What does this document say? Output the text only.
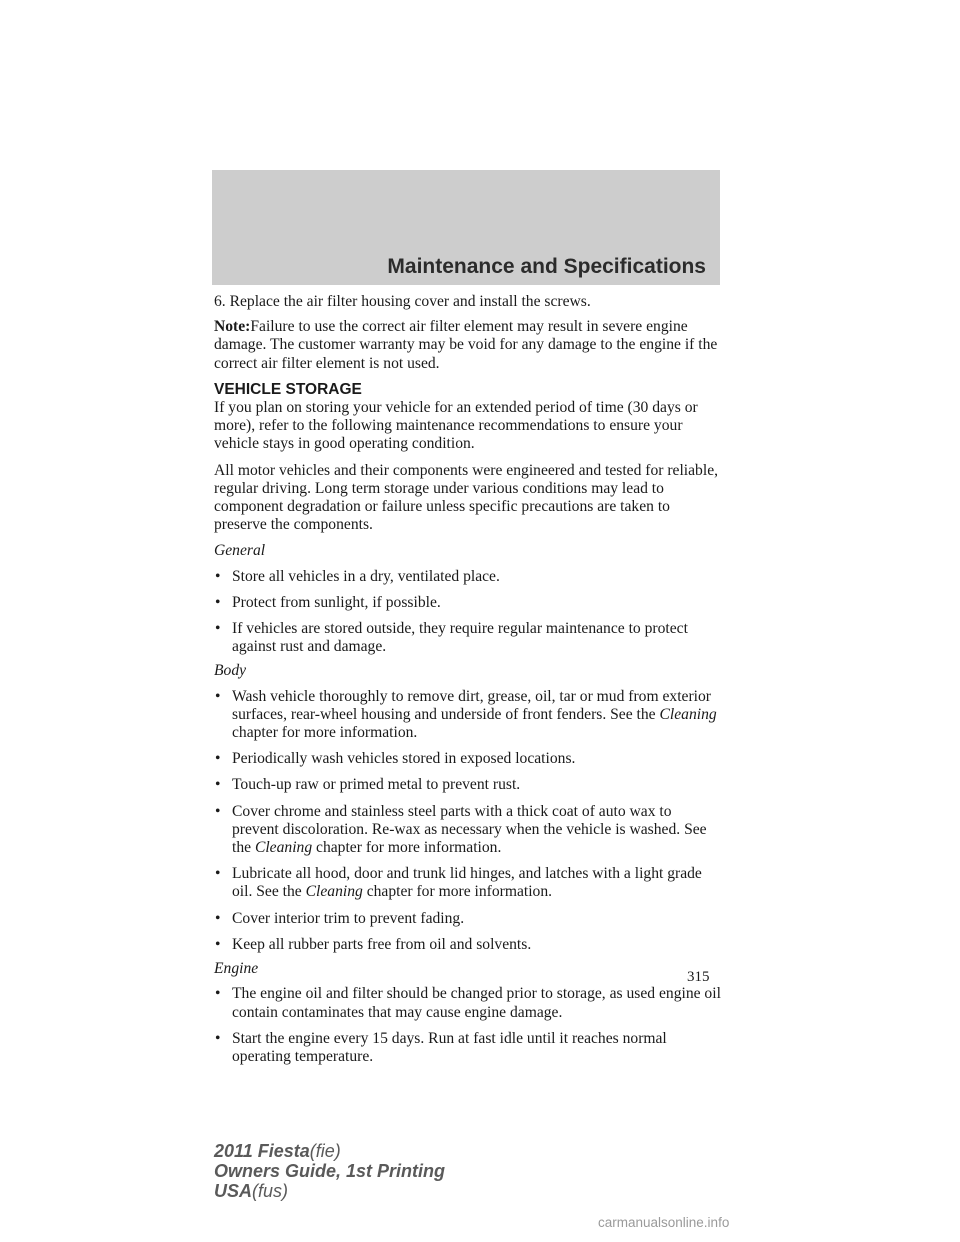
Maintenance and Specifications

6. Replace the air filter housing cover and install the screws.

Note:Failure to use the correct air filter element may result in severe engine damage. The customer warranty may be void for any damage to the engine if the correct air filter element is not used.

VEHICLE STORAGE

If you plan on storing your vehicle for an extended period of time (30 days or more), refer to the following maintenance recommendations to ensure your vehicle stays in good operating condition.

All motor vehicles and their components were engineered and tested for reliable, regular driving. Long term storage under various conditions may lead to component degradation or failure unless specific precautions are taken to preserve the components.

General

• Store all vehicles in a dry, ventilated place.
• Protect from sunlight, if possible.
• If vehicles are stored outside, they require regular maintenance to protect against rust and damage.

Body

• Wash vehicle thoroughly to remove dirt, grease, oil, tar or mud from exterior surfaces, rear-wheel housing and underside of front fenders. See the Cleaning chapter for more information.
• Periodically wash vehicles stored in exposed locations.
• Touch-up raw or primed metal to prevent rust.
• Cover chrome and stainless steel parts with a thick coat of auto wax to prevent discoloration. Re-wax as necessary when the vehicle is washed. See the Cleaning chapter for more information.
• Lubricate all hood, door and trunk lid hinges, and latches with a light grade oil. See the Cleaning chapter for more information.
• Cover interior trim to prevent fading.
• Keep all rubber parts free from oil and solvents.

Engine

• The engine oil and filter should be changed prior to storage, as used engine oil contain contaminates that may cause engine damage.
• Start the engine every 15 days. Run at fast idle until it reaches normal operating temperature.
315
2011 Fiesta(fie)
Owners Guide, 1st Printing
USA(fus)
carmanualsonline.info
